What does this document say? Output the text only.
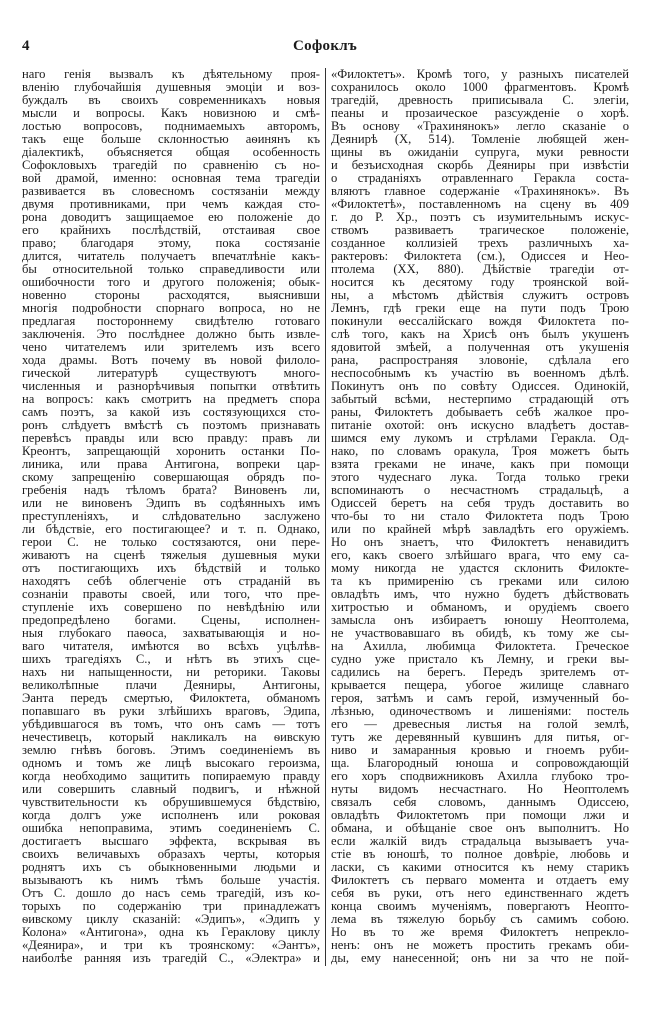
4	Софоклъ
наго генія вызвалъ къ дѣятельному проя-
вленію глубочайшія душевныя эмоціи и воз-
буждалъ въ своихъ современникахъ новыя
мысли и вопросы. Какъ новизною и смѣ-
лостью вопросовъ, поднимаемыхъ авторомъ,
такъ еще больше склонностью аѳинянъ къ
діалектикѣ, объясняется общая особенность
Софокловыхъ трагедій по сравненію съ но-
вой драмой, именно: основная тема трагедіи
развивается въ словесномъ состязаніи между
двумя противниками, при чемъ каждая сто-
рона доводитъ защищаемое ею положеніе до
его крайнихъ послѣдствій, отстаивая свое
право; благодаря этому, пока состязаніе
длится, читатель получаетъ впечатлѣніе какъ-
бы относительной только справедливости или
ошибочности того и другого положенія; обык-
новенно стороны расходятся, выяснивши
многія подробности спорнаго вопроса, но не
предлагая постороннему свидѣтелю готоваго
заключенія. Это послѣднее должно быть извле-
чено читателемъ или зрителемъ изъ всего
хода драмы. Вотъ почему въ новой филоло-
гической литературѣ существуютъ много-
численныя и разнорѣчивыя попытки отвѣтить
на вопросъ: какъ смотритъ на предметъ спора
самъ поэтъ, за какой изъ состязующихся сто-
ронъ слѣдуетъ вмѣстѣ съ поэтомъ признавать
перевѣсъ правды или всю правду: правъ ли
Креонтъ, запрещающій хоронить останки По-
линика, или права Антигона, вопреки цар-
скому запрещенію совершающая обрядъ по-
гребенія надъ тѣломъ брата? Виновенъ ли,
или не виновенъ Эдипъ въ содѣянныхъ имъ
преступленіяхъ, и слѣдовательно заслужено
ли бѣдствіе, его постигающее? и т. п. Однако,
герои С. не только состязаются, они пере-
живаютъ на сценѣ тяжелыя душевныя муки
отъ постигающихъ ихъ бѣдствій и только
находятъ себѣ облегченіе отъ страданій въ
сознаніи правоты своей, или того, что пре-
ступленіе ихъ совершено по невѣдѣнію или
предопредѣлено богами. Сцены, исполнен-
ныя глубокаго паѳоса, захватывающія и но-
ваго читателя, имѣются во всѣхъ уцѣлѣв-
шихъ трагедіяхъ С., и нѣтъ въ этихъ сце-
нахъ ни напыщенности, ни реторики. Таковы
великолѣпные плачи Деяниры, Антигоны,
Эанта передъ смертью, Филоктета, обманомъ
попавшаго въ руки злѣйшихъ враговъ, Эдипа,
убѣдившагося въ томъ, что онъ самъ — тотъ
нечестивецъ, который накликалъ на ѳивскую
землю гнѣвъ боговъ. Этимъ соединеніемъ въ
одномъ и томъ же лицѣ высокаго героизма,
когда необходимо защитить попираемую правду
или совершить славный подвигъ, и нѣжной
чувствительности къ обрушившемуся бѣдствію,
когда долгъ уже исполненъ или роковая
ошибка непоправима, этимъ соединеніемъ С.
достигаетъ высшаго эффекта, вскрывая въ
своихъ величавыхъ образахъ черты, которыя
роднятъ ихъ съ обыкновенными людьми и
вызываютъ къ нимъ тѣмъ больше участія.
Отъ С. дошло до насъ семь трагедій, изъ ко-
торыхъ по содержанію три принадлежатъ
ѳивскому циклу сказаній: «Эдипъ», «Эдипъ у
Колона» «Антигона», одна къ Гераклову циклу
«Деянира», и три къ троянскому: «Эантъ»,
наиболѣе ранняя изъ трагедій С., «Электра» и
«Филоктетъ». Кромѣ того, у разныхъ писателей
сохранилось около 1000 фрагментовъ. Кромѣ
трагедій, древность приписывала С. элегіи,
пеаны и прозаическое разсужденіе о хорѣ.
Въ основу «Трахинянокъ» легло сказаніе о
Деянирѣ (X, 514). Томленіе любящей жен-
щины въ ожиданіи супруга, муки ревности
и безъисходная скорбь Деяниры при извѣстіи
о страданіяхъ отравленнаго Геракла соста-
вляютъ главное содержаніе «Трахинянокъ». Въ
«Филоктетѣ», поставленномъ на сцену въ 409
г. до Р. Хр., поэтъ съ изумительнымъ искус-
ствомъ развиваетъ трагическое положеніе,
созданное коллизіей трехъ различныхъ ха-
рактеровъ: Филоктета (см.), Одиссея и Нео-
птолема (XX, 880). Дѣйствіе трагедіи от-
носится къ десятому году троянской вой-
ны, а мѣстомъ дѣйствія служитъ островъ
Лемнъ, гдѣ греки еще на пути подъ Трою
покинули ѳессалійскаго вождя Филоктета по-
слѣ того, какъ на Хрисѣ онъ былъ укушенъ
ядовитой змѣей, а полученная отъ укушенія
рана, распространяя зловоніе, сдѣлала его
неспособнымъ къ участію въ военномъ дѣлѣ.
Покинутъ онъ по совѣту Одиссея. Одинокій,
забытый всѣми, нестерпимо страдающій отъ
раны, Филоктетъ добываетъ себѣ жалкое про-
питаніе охотой: онъ искусно владѣетъ достав-
шимся ему лукомъ и стрѣлами Геракла. Од-
нако, по словамъ оракула, Троя можетъ быть
взята греками не иначе, какъ при помощи
этого чудеснаго лука. Тогда только греки
вспоминаютъ о несчастномъ страдальцѣ, а
Одиссей беретъ на себя трудъ доставить во
что-бы то ни стало Филоктета подъ Трою
или по крайней мѣрѣ завладѣть его оружіемъ.
Но онъ знаетъ, что Филоктетъ ненавидитъ
его, какъ своего злѣйшаго врага, что ему са-
мому никогда не удастся склонить Филокте-
та къ примиренію съ греками или силою
овладѣть имъ, что нужно будетъ дѣйствовать
хитростью и обманомъ, и орудіемъ своего
замысла онъ избираетъ юношу Неоптолема,
не участвовавшаго въ обидѣ, къ тому же сы-
на Ахилла, любимца Филоктета. Греческое
судно уже пристало къ Лемну, и греки вы-
садились на берегъ. Передъ зрителемъ от-
крывается пещера, убогое жилище славнаго
героя, затѣмъ и самъ герой, измученный бо-
лѣзнью, одиночествомъ и лишеніями: постель
его — древесныя листья на голой землѣ,
тутъ же деревянный кувшинъ для питья, ог-
ниво и замаранныя кровью и гноемъ руби-
ща. Благородный юноша и сопровождающій
его хоръ сподвижниковъ Ахилла глубоко тро-
нуты видомъ несчастнаго. Но Неоптолемъ
связалъ себя словомъ, даннымъ Одиссею,
овладѣть Филоктетомъ при помощи лжи и
обмана, и обѣщаніе свое онъ выполнитъ. Но
если жалкій видъ страдальца вызываетъ уча-
стіе въ юношѣ, то полное довѣріе, любовь и
ласки, съ какими относится къ нему старикъ
Филоктетъ съ перваго момента и отдаетъ ему
себя въ руки, отъ него единственнаго ждетъ
конца своимъ мученіямъ, повергаютъ Неопто-
лема въ тяжелую борьбу съ самимъ собою.
Но въ то же время Филоктетъ непрекло-
ненъ: онъ не можетъ простить грекамъ оби-
ды, ему нанесенной; онъ ни за что не пой-
